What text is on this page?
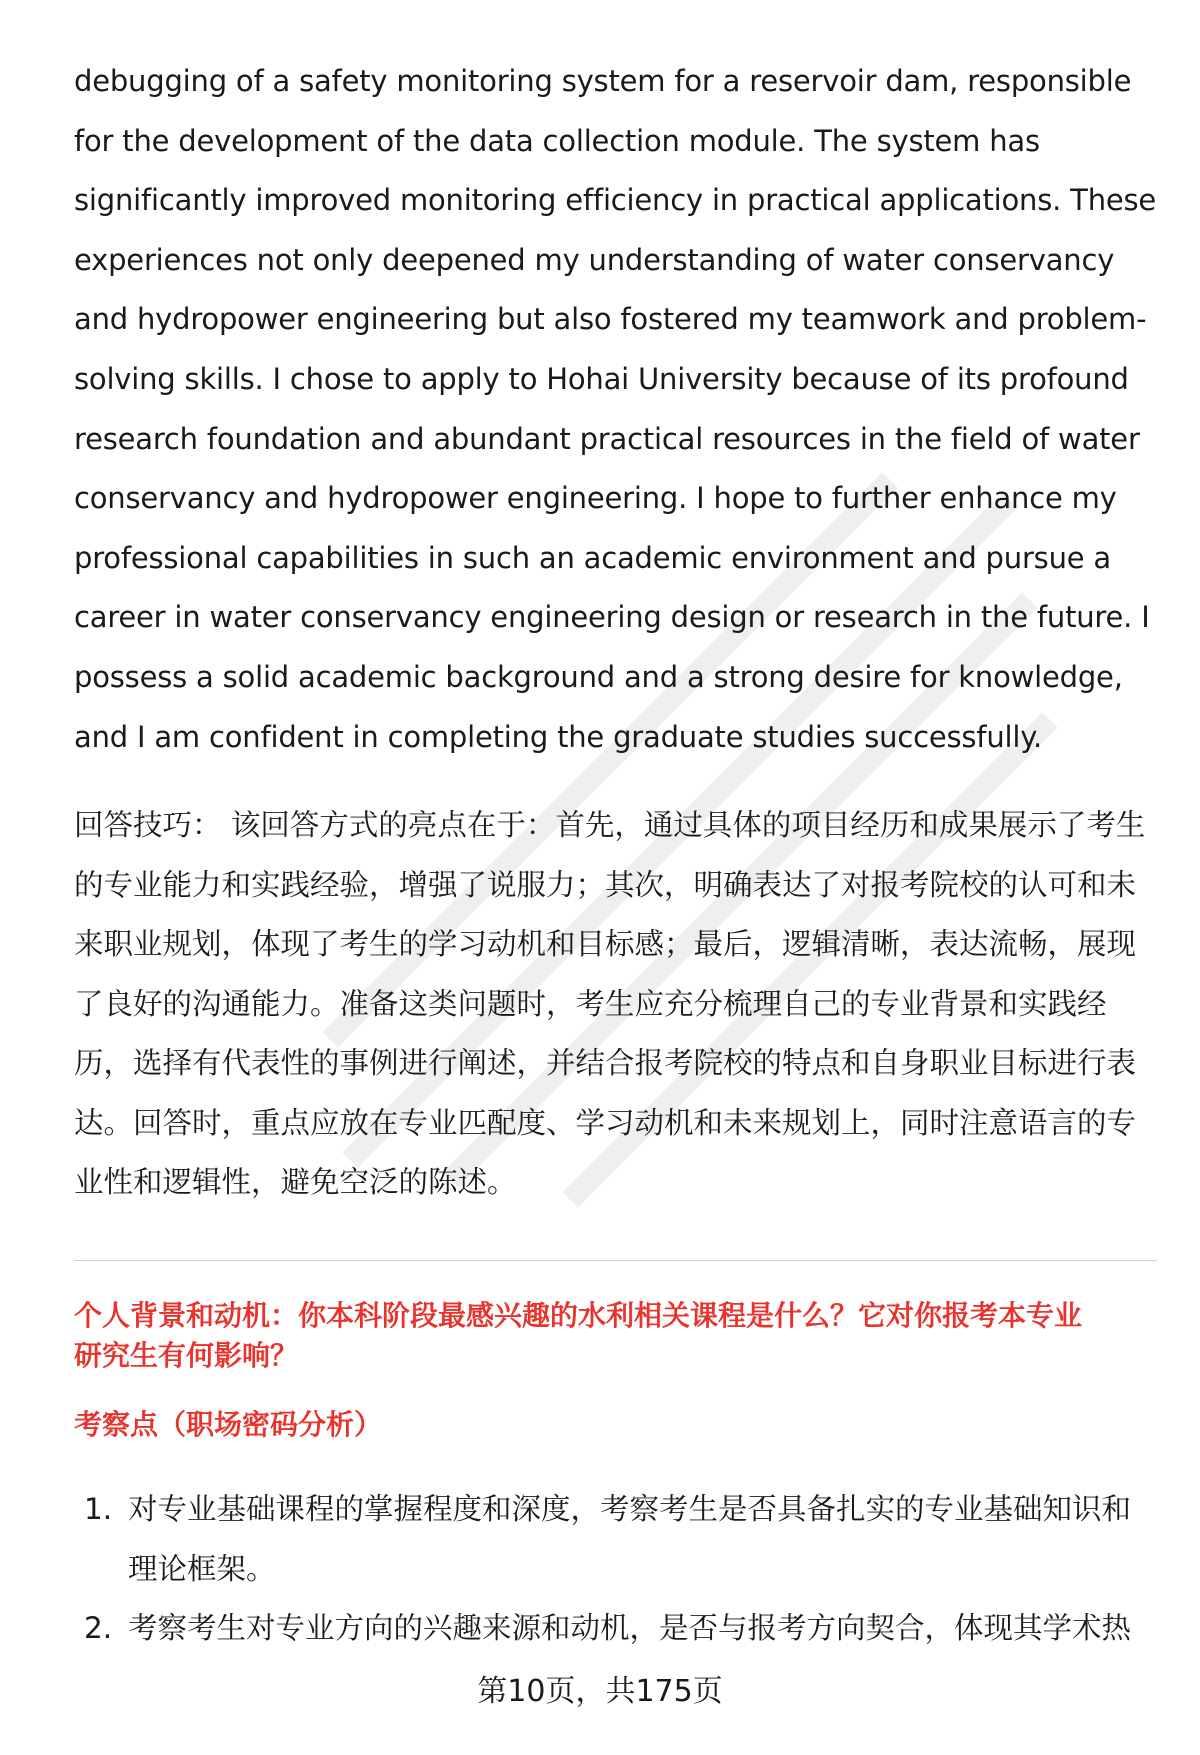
debugging of a safety monitoring system for a reservoir dam, responsible
for the development of the data collection module. The system has
significantly improved monitoring efficiency in practical applications. These
experiences not only deepened my understanding of water conservancy
and hydropower engineering but also fostered my teamwork and problem-
solving skills. I chose to apply to Hohai University because of its profound
research foundation and abundant practical resources in the field of water
conservancy and hydropower engineering. I hope to further enhance my
professional capabilities in such an academic environment and pursue a
career in water conservancy engineering design or research in the future. I
possess a solid academic background and a strong desire for knowledge,
and I am confident in completing the graduate studies successfully.

回答技巧： 该回答方式的亮点在于：首先，通过具体的项目经历和成果展示了考生
的专业能力和实践经验，增强了说服力；其次，明确表达了对报考院校的认可和未
来职业规划，体现了考生的学习动机和目标感；最后，逻辑清晰，表达流畅，展现
了良好的沟通能力。准备这类问题时，考生应充分梳理自己的专业背景和实践经
历，选择有代表性的事例进行阐述，并结合报考院校的特点和自身职业目标进行表
达。回答时，重点应放在专业匹配度、学习动机和未来规划上，同时注意语言的专
业性和逻辑性，避免空泛的陈述。

个人背景和动机：你本科阶段最感兴趣的水利相关课程是什么？它对你报考本专业
研究生有何影响？
考察点（职场密码分析）
1. 对专业基础课程的掌握程度和深度，考察考生是否具备扎实的专业基础知识和
理论框架。
2. 考察考生对专业方向的兴趣来源和动机，是否与报考方向契合，体现其学术热
第10页，共175页
